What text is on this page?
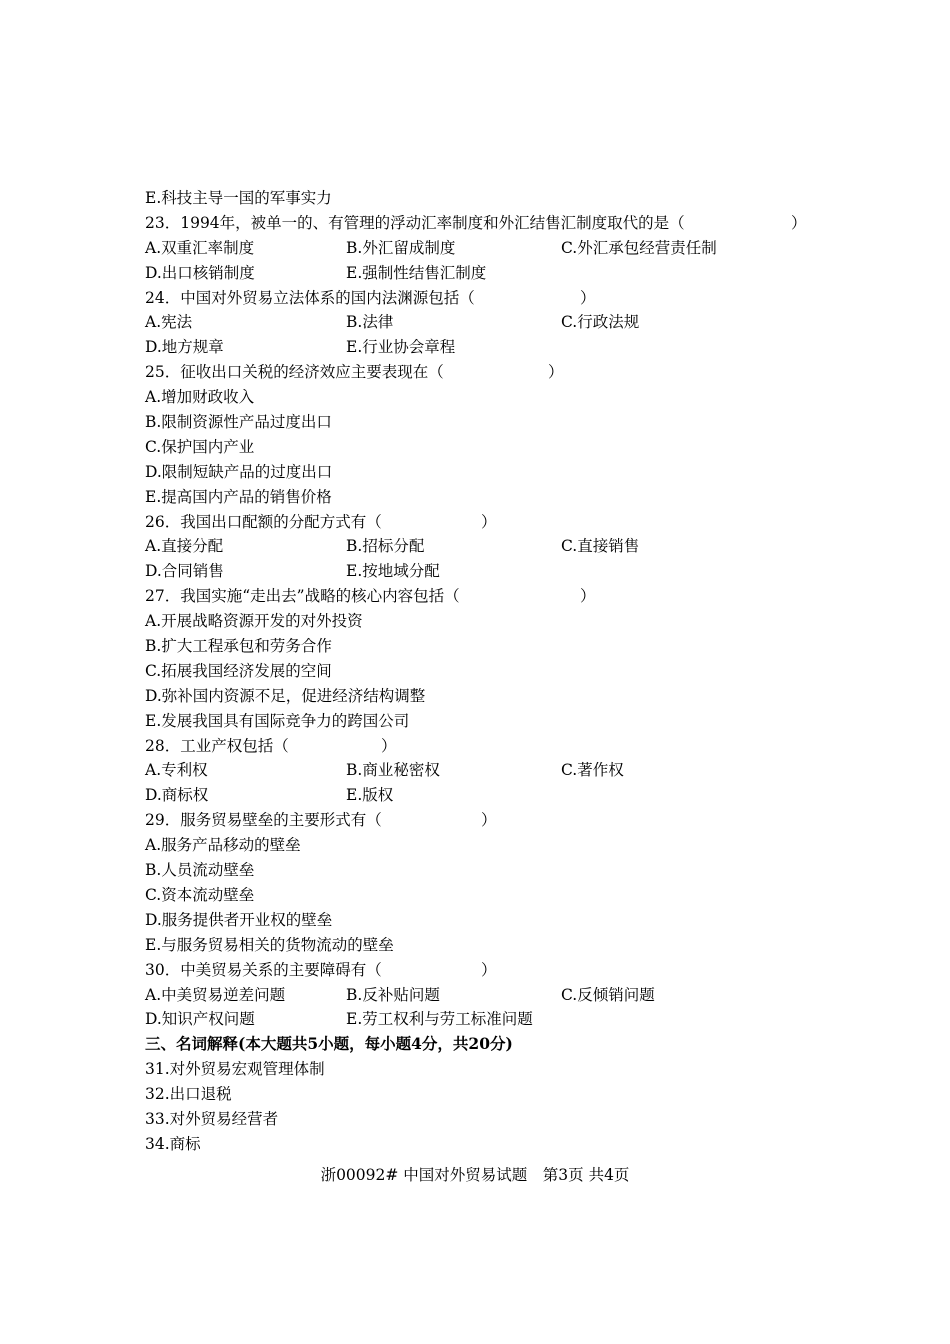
E.科技主导一国的军事实力
23．1994年，被单一的、有管理的浮动汇率制度和外汇结售汇制度取代的是（	）
A.双重汇率制度	B.外汇留成制度	C.外汇承包经营责任制
D.出口核销制度	E.强制性结售汇制度
24．中国对外贸易立法体系的国内法渊源包括（	）
A.宪法	B.法律	C.行政法规
D.地方规章	E.行业协会章程
25．征收出口关税的经济效应主要表现在（	）
A.增加财政收入
B.限制资源性产品过度出口
C.保护国内产业
D.限制短缺产品的过度出口
E.提高国内产品的销售价格
26．我国出口配额的分配方式有（	）
A.直接分配	B.招标分配	C.直接销售
D.合同销售	E.按地域分配
27．我国实施“走出去”战略的核心内容包括（	）
A.开展战略资源开发的对外投资
B.扩大工程承包和劳务合作
C.拓展我国经济发展的空间
D.弥补国内资源不足，促进经济结构调整
E.发展我国具有国际竞争力的跨国公司
28．工业产权包括（	）
A.专利权	B.商业秘密权	C.著作权
D.商标权	E.版权
29．服务贸易壁垒的主要形式有（	）
A.服务产品移动的壁垒
B.人员流动壁垒
C.资本流动壁垒
D.服务提供者开业权的壁垒
E.与服务贸易相关的货物流动的壁垒
30．中美贸易关系的主要障碍有（	）
A.中美贸易逆差问题	B.反补贴问题	C.反倾销问题
D.知识产权问题	E.劳工权利与劳工标准问题
三、名词解释(本大题共5小题，每小题4分，共20分)
31.对外贸易宏观管理体制
32.出口退税
33.对外贸易经营者
34.商标
浙00092# 中国对外贸易试题　第3页 共4页
